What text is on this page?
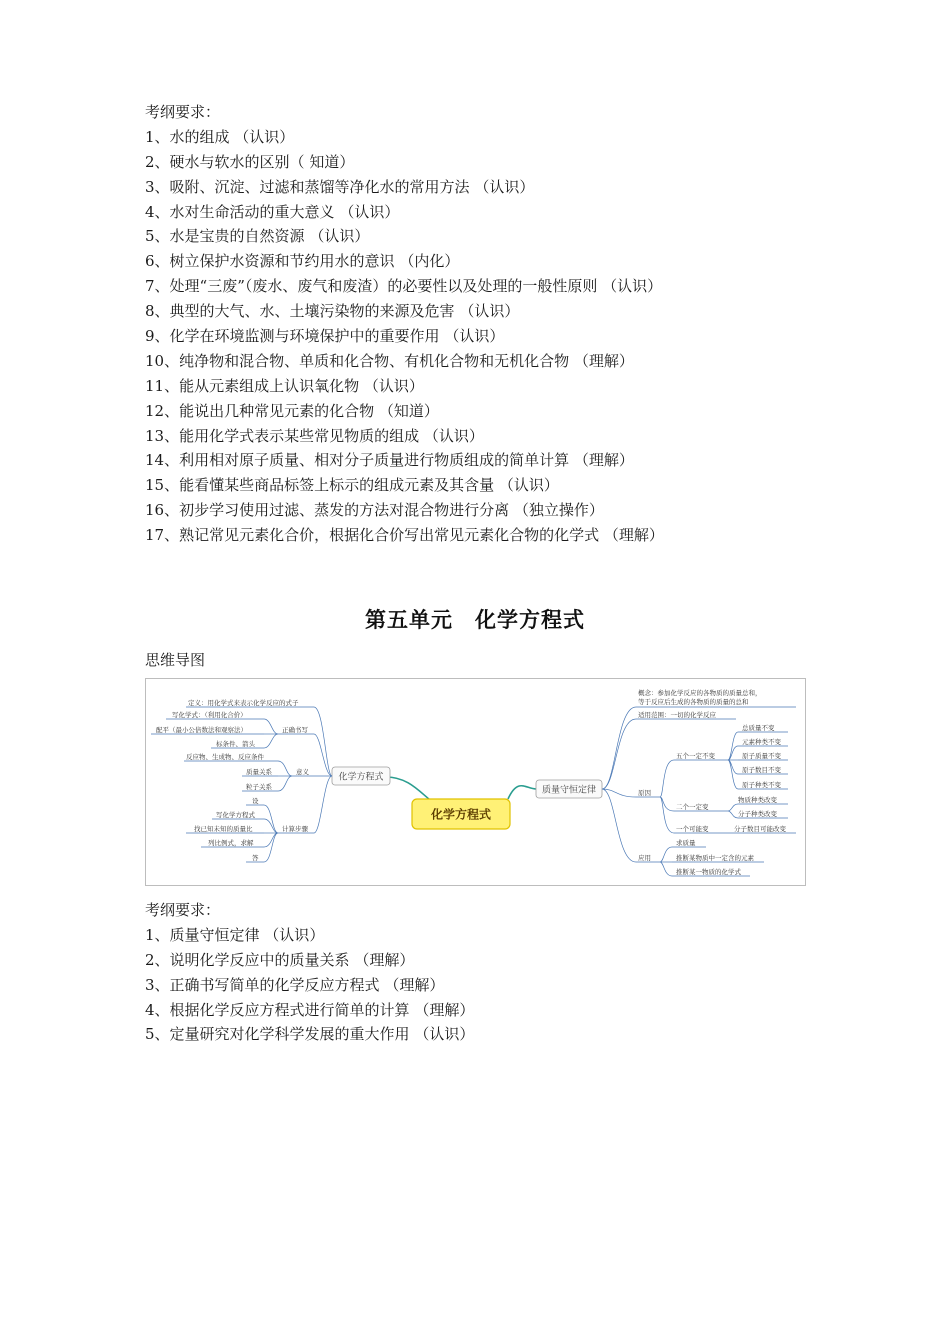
考纲要求：
1、水的组成 （认识）
2、硬水与软水的区别（ 知道）
3、吸附、沉淀、过滤和蒸馏等净化水的常用方法 （认识）
4、水对生命活动的重大意义 （认识）
5、水是宝贵的自然资源 （认识）
6、树立保护水资源和节约用水的意识 （内化）
7、处理“三废”（废水、废气和废渣）的必要性以及处理的一般性原则 （认识）
8、典型的大气、水、土壤污染物的来源及危害 （认识）
9、化学在环境监测与环境保护中的重要作用 （认识）
10、纯净物和混合物、单质和化合物、有机化合物和无机化合物 （理解）
11、能从元素组成上认识氧化物 （认识）
12、能说出几种常见元素的化合物 （知道）
13、能用化学式表示某些常见物质的组成 （认识）
14、利用相对原子质量、相对分子质量进行物质组成的简单计算 （理解）
15、能看懂某些商品标签上标示的组成元素及其含量 （认识）
16、初步学习使用过滤、蒸发的方法对混合物进行分离 （独立操作）
17、熟记常见元素化合价，根据化合价写出常见元素化合物的化学式 （理解）
第五单元　化学方程式
思维导图
化学方程式
化学方程式
质量守恒定律
定义：用化学式来表示化学反应的式子
正确书写
写化学式：（利用化合价）
配平（最小公倍数法和观察法）
标条件、箭头
意义
反应物、生成物、反应条件
质量关系
粒子关系
计算步骤
设
写化学方程式
找已知未知的质量比
列比例式，求解
答
概念：参加化学反应的各物质的质量总和，
等于反应后生成的各物质的质量的总和
适用范围：一切的化学反应
原因
五个一定不变
总质量不变
元素种类不变
原子质量不变
原子数目不变
原子种类不变
二个一定变
物质种类改变
分子种类改变
一个可能变	分子数目可能改变
应用
求质量
推断某物质中一定含的元素
推断某一物质的化学式
考纲要求：
1、质量守恒定律 （认识）
2、说明化学反应中的质量关系 （理解）
3、正确书写简单的化学反应方程式 （理解）
4、根据化学反应方程式进行简单的计算 （理解）
5、定量研究对化学科学发展的重大作用 （认识）
